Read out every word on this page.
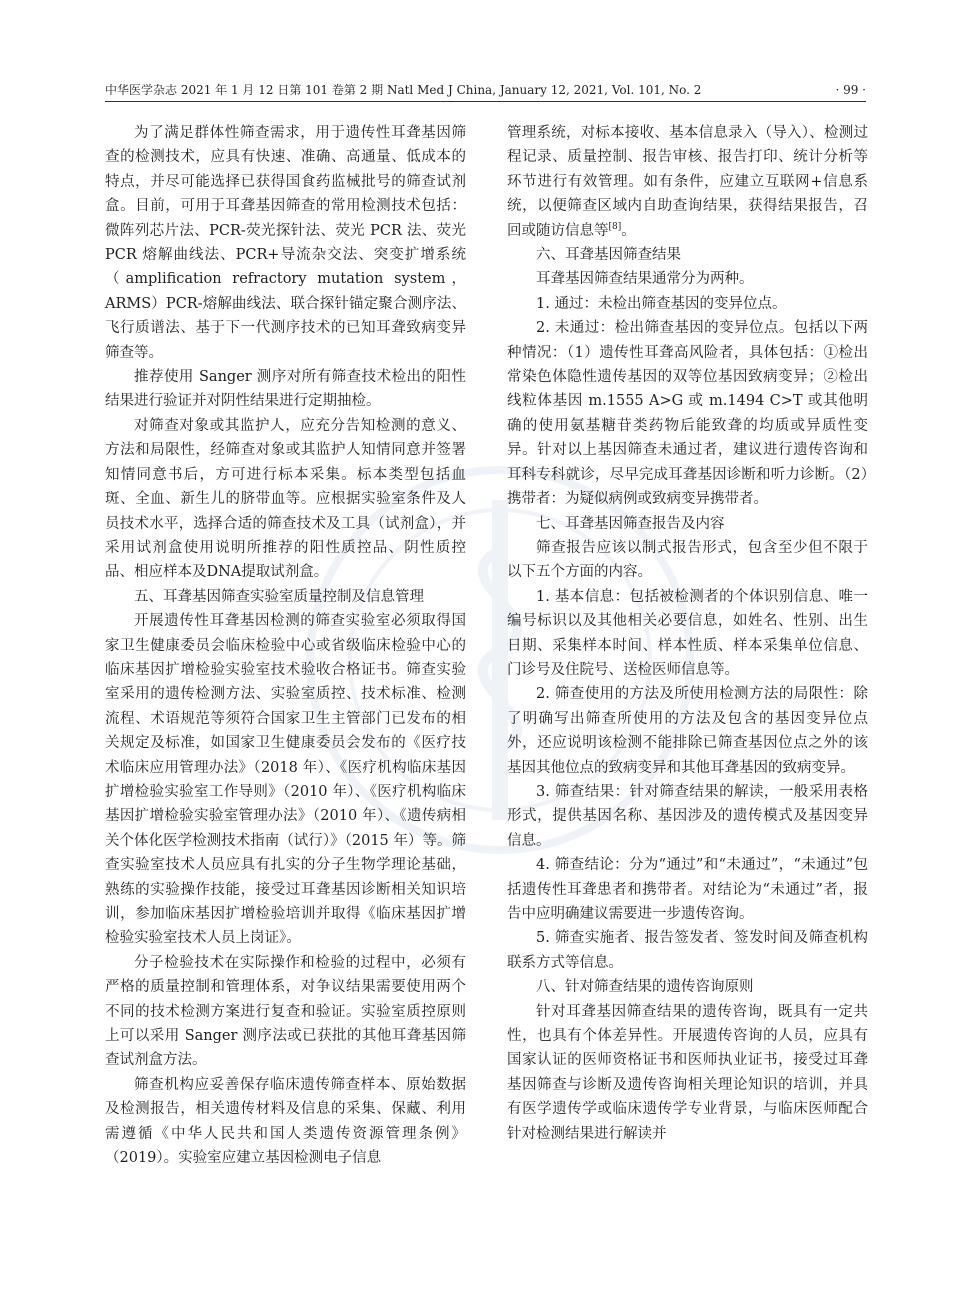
中华医学杂志 2021 年 1 月 12 日第 101 卷第 2 期 Natl Med J China, January 12, 2021, Vol. 101, No. 2	· 99 ·

为了满足群体性筛查需求，用于遗传性耳聋基因筛查的检测技术，应具有快速、准确、高通量、低成本的特点，并尽可能选择已获得国食药监械批号的筛查试剂盒。目前，可用于耳聋基因筛查的常用检测技术包括：微阵列芯片法、PCR-荧光探针法、荧光 PCR 法、荧光 PCR 熔解曲线法、PCR+导流杂交法、突变扩增系统（amplification refractory mutation system，ARMS）PCR-熔解曲线法、联合探针锚定聚合测序法、飞行质谱法、基于下一代测序技术的已知耳聋致病变异筛查等。

推荐使用 Sanger 测序对所有筛查技术检出的阳性结果进行验证并对阴性结果进行定期抽检。

对筛查对象或其监护人，应充分告知检测的意义、方法和局限性，经筛查对象或其监护人知情同意并签署知情同意书后，方可进行标本采集。标本类型包括血斑、全血、新生儿的脐带血等。应根据实验室条件及人员技术水平，选择合适的筛查技术及工具（试剂盒），并采用试剂盒使用说明所推荐的阳性质控品、阴性质控品、相应样本及DNA提取试剂盒。

五、耳聋基因筛查实验室质量控制及信息管理

开展遗传性耳聋基因检测的筛查实验室必须取得国家卫生健康委员会临床检验中心或省级临床检验中心的临床基因扩增检验实验室技术验收合格证书。筛查实验室采用的遗传检测方法、实验室质控、技术标准、检测流程、术语规范等须符合国家卫生主管部门已发布的相关规定及标准，如国家卫生健康委员会发布的《医疗技术临床应用管理办法》（2018 年）、《医疗机构临床基因扩增检验实验室工作导则》（2010 年）、《医疗机构临床基因扩增检验实验室管理办法》（2010 年）、《遗传病相关个体化医学检测技术指南（试行）》（2015 年）等。筛查实验室技术人员应具有扎实的分子生物学理论基础，熟练的实验操作技能，接受过耳聋基因诊断相关知识培训，参加临床基因扩增检验培训并取得《临床基因扩增检验实验室技术人员上岗证》。

分子检验技术在实际操作和检验的过程中，必须有严格的质量控制和管理体系，对争议结果需要使用两个不同的技术检测方案进行复查和验证。实验室质控原则上可以采用 Sanger 测序法或已获批的其他耳聋基因筛查试剂盒方法。

筛查机构应妥善保存临床遗传筛查样本、原始数据及检测报告，相关遗传材料及信息的采集、保藏、利用需遵循《中华人民共和国人类遗传资源管理条例》（2019）。实验室应建立基因检测电子信息

管理系统，对标本接收、基本信息录入（导入）、检测过程记录、质量控制、报告审核、报告打印、统计分析等环节进行有效管理。如有条件，应建立互联网+信息系统，以便筛查区域内自助查询结果，获得结果报告，召回或随访信息等[8]。

六、耳聋基因筛查结果

耳聋基因筛查结果通常分为两种。

1. 通过：未检出筛查基因的变异位点。

2. 未通过：检出筛查基因的变异位点。包括以下两种情况：（1）遗传性耳聋高风险者，具体包括：①检出常染色体隐性遗传基因的双等位基因致病变异；②检出线粒体基因 m.1555 A>G 或 m.1494 C>T 或其他明确的使用氨基糖苷类药物后能致聋的均质或异质性变异。针对以上基因筛查未通过者，建议进行遗传咨询和耳科专科就诊，尽早完成耳聋基因诊断和听力诊断。（2）携带者：为疑似病例或致病变异携带者。

七、耳聋基因筛查报告及内容

筛查报告应该以制式报告形式，包含至少但不限于以下五个方面的内容。

1. 基本信息：包括被检测者的个体识别信息、唯一编号标识以及其他相关必要信息，如姓名、性别、出生日期、采集样本时间、样本性质、样本采集单位信息、门诊号及住院号、送检医师信息等。

2. 筛查使用的方法及所使用检测方法的局限性：除了明确写出筛查所使用的方法及包含的基因变异位点外，还应说明该检测不能排除已筛查基因位点之外的该基因其他位点的致病变异和其他耳聋基因的致病变异。

3. 筛查结果：针对筛查结果的解读，一般采用表格形式，提供基因名称、基因涉及的遗传模式及基因变异信息。

4. 筛查结论：分为“通过”和“未通过”，“未通过”包括遗传性耳聋患者和携带者。对结论为“未通过”者，报告中应明确建议需要进一步遗传咨询。

5. 筛查实施者、报告签发者、签发时间及筛查机构联系方式等信息。

八、针对筛查结果的遗传咨询原则

针对耳聋基因筛查结果的遗传咨询，既具有一定共性，也具有个体差异性。开展遗传咨询的人员，应具有国家认证的医师资格证书和医师执业证书，接受过耳聋基因筛查与诊断及遗传咨询相关理论知识的培训，并具有医学遗传学或临床遗传学专业背景，与临床医师配合针对检测结果进行解读并
